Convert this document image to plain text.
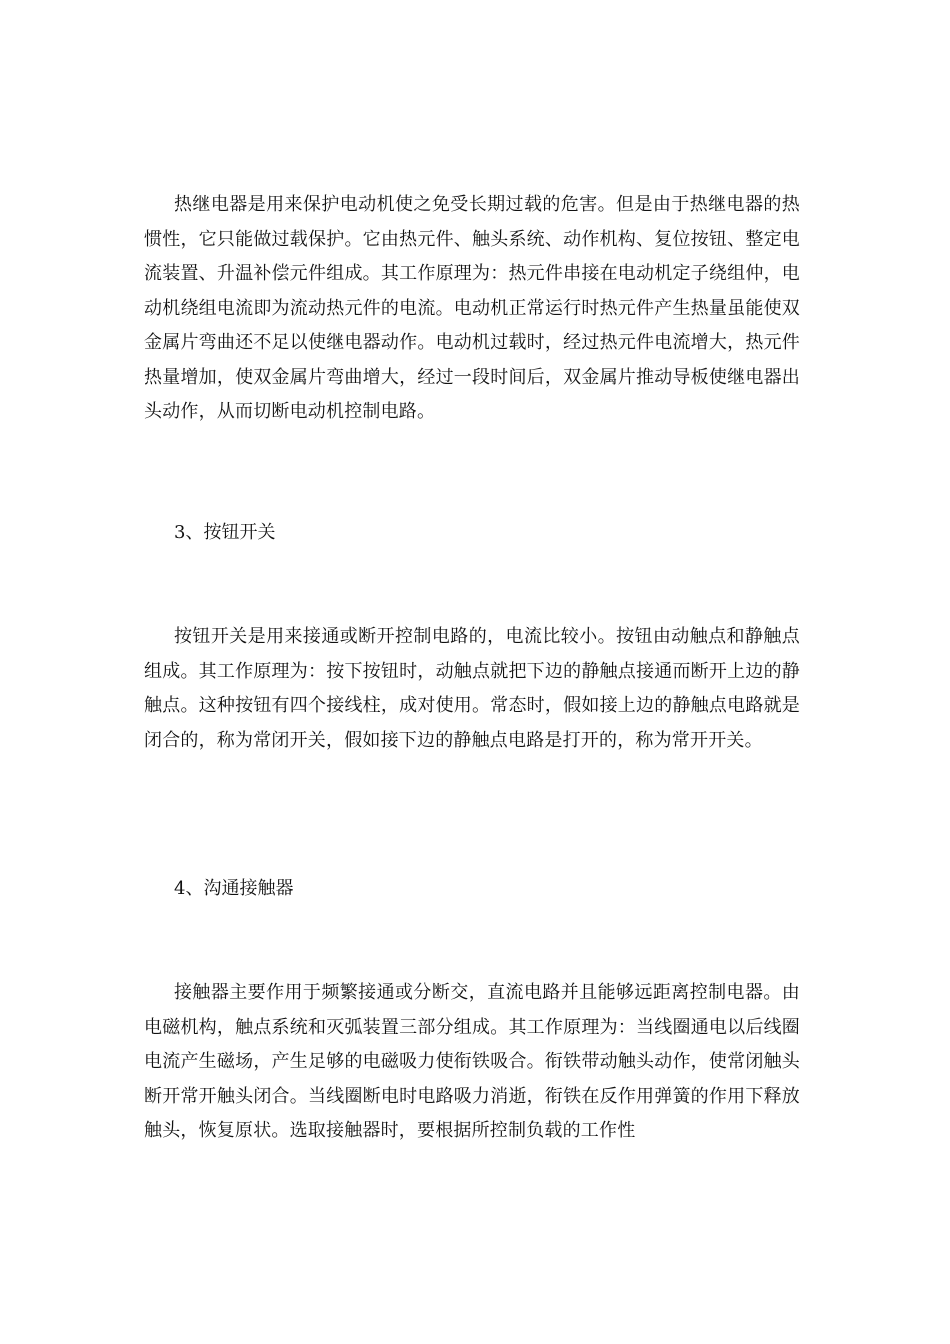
热继电器是用来保护电动机使之免受长期过载的危害。但是由于热继电器的热惯性，它只能做过载保护。它由热元件、触头系统、动作机构、复位按钮、整定电流装置、升温补偿元件组成。其工作原理为：热元件串接在电动机定子绕组仲，电动机绕组电流即为流动热元件的电流。电动机正常运行时热元件产生热量虽能使双金属片弯曲还不足以使继电器动作。电动机过载时，经过热元件电流增大，热元件热量增加，使双金属片弯曲增大，经过一段时间后，双金属片推动导板使继电器出头动作，从而切断电动机控制电路。

3、按钮开关

按钮开关是用来接通或断开控制电路的，电流比较小。按钮由动触点和静触点组成。其工作原理为：按下按钮时，动触点就把下边的静触点接通而断开上边的静触点。这种按钮有四个接线柱，成对使用。常态时，假如接上边的静触点电路就是闭合的，称为常闭开关，假如接下边的静触点电路是打开的，称为常开开关。

4、沟通接触器

接触器主要作用于频繁接通或分断交，直流电路并且能够远距离控制电器。由电磁机构，触点系统和灭弧装置三部分组成。其工作原理为：当线圈通电以后线圈电流产生磁场，产生足够的电磁吸力使衔铁吸合。衔铁带动触头动作，使常闭触头断开常开触头闭合。当线圈断电时电路吸力消逝，衔铁在反作用弹簧的作用下释放触头，恢复原状。选取接触器时，要根据所控制负载的工作性
